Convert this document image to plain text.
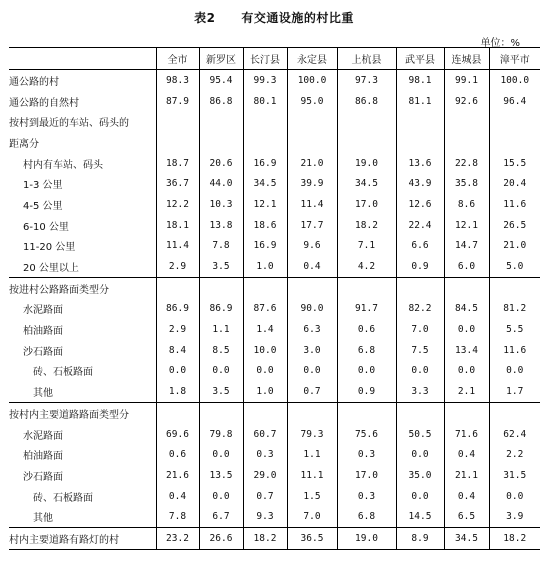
表2 有交通设施的村比重
单位：%
	全市	新罗区	长汀县	永定县	上杭县	武平县	连城县	漳平市
通公路的村	98.3	95.4	99.3	100.0	97.3	98.1	99.1	100.0
通公路的自然村	87.9	86.8	80.1	95.0	86.8	81.1	92.6	96.4
按村到最近的车站、码头的								
距离分								
村内有车站、码头	18.7	20.6	16.9	21.0	19.0	13.6	22.8	15.5
1-3 公里	36.7	44.0	34.5	39.9	34.5	43.9	35.8	20.4
4-5 公里	12.2	10.3	12.1	11.4	17.0	12.6	8.6	11.6
6-10 公里	18.1	13.8	18.6	17.7	18.2	22.4	12.1	26.5
11-20 公里	11.4	7.8	16.9	9.6	7.1	6.6	14.7	21.0
20 公里以上	2.9	3.5	1.0	0.4	4.2	0.9	6.0	5.0
按进村公路路面类型分								
水泥路面	86.9	86.9	87.6	90.0	91.7	82.2	84.5	81.2
柏油路面	2.9	1.1	1.4	6.3	0.6	7.0	0.0	5.5
沙石路面	8.4	8.5	10.0	3.0	6.8	7.5	13.4	11.6
砖、石板路面	0.0	0.0	0.0	0.0	0.0	0.0	0.0	0.0
其他	1.8	3.5	1.0	0.7	0.9	3.3	2.1	1.7
按村内主要道路路面类型分								
水泥路面	69.6	79.8	60.7	79.3	75.6	50.5	71.6	62.4
柏油路面	0.6	0.0	0.3	1.1	0.3	0.0	0.4	2.2
沙石路面	21.6	13.5	29.0	11.1	17.0	35.0	21.1	31.5
砖、石板路面	0.4	0.0	0.7	1.5	0.3	0.0	0.4	0.0
其他	7.8	6.7	9.3	7.0	6.8	14.5	6.5	3.9
村内主要道路有路灯的村	23.2	26.6	18.2	36.5	19.0	8.9	34.5	18.2
